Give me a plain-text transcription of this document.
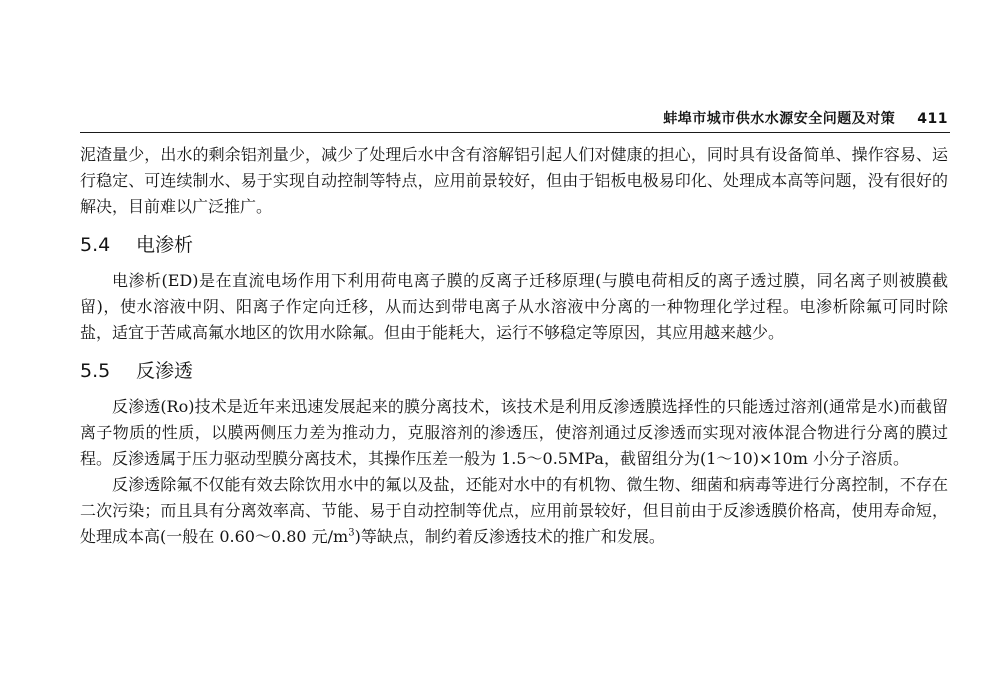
蚌埠市城市供水水源安全问题及对策 411

泥渣量少，出水的剩余铝剂量少，减少了处理后水中含有溶解铝引起人们对健康的担心，同时具有设备简单、操作容易、运行稳定、可连续制水、易于实现自动控制等特点，应用前景较好，但由于铝板电极易印化、处理成本高等问题，没有很好的解决，目前难以广泛推广。

5.4 电渗析

电渗析(ED)是在直流电场作用下利用荷电离子膜的反离子迁移原理(与膜电荷相反的离子透过膜，同名离子则被膜截留)，使水溶液中阴、阳离子作定向迁移，从而达到带电离子从水溶液中分离的一种物理化学过程。电渗析除氟可同时除盐，适宜于苦咸高氟水地区的饮用水除氟。但由于能耗大，运行不够稳定等原因，其应用越来越少。

5.5 反渗透

反渗透(Ro)技术是近年来迅速发展起来的膜分离技术，该技术是利用反渗透膜选择性的只能透过溶剂(通常是水)而截留离子物质的性质，以膜两侧压力差为推动力，克服溶剂的渗透压，使溶剂通过反渗透而实现对液体混合物进行分离的膜过程。反渗透属于压力驱动型膜分离技术，其操作压差一般为 1.5～0.5MPa，截留组分为(1～10)×10m 小分子溶质。

反渗透除氟不仅能有效去除饮用水中的氟以及盐，还能对水中的有机物、微生物、细菌和病毒等进行分离控制，不存在二次污染；而且具有分离效率高、节能、易于自动控制等优点，应用前景较好，但目前由于反渗透膜价格高，使用寿命短，处理成本高(一般在 0.60～0.80 元$/m^3$)等缺点，制约着反渗透技术的推广和发展。
